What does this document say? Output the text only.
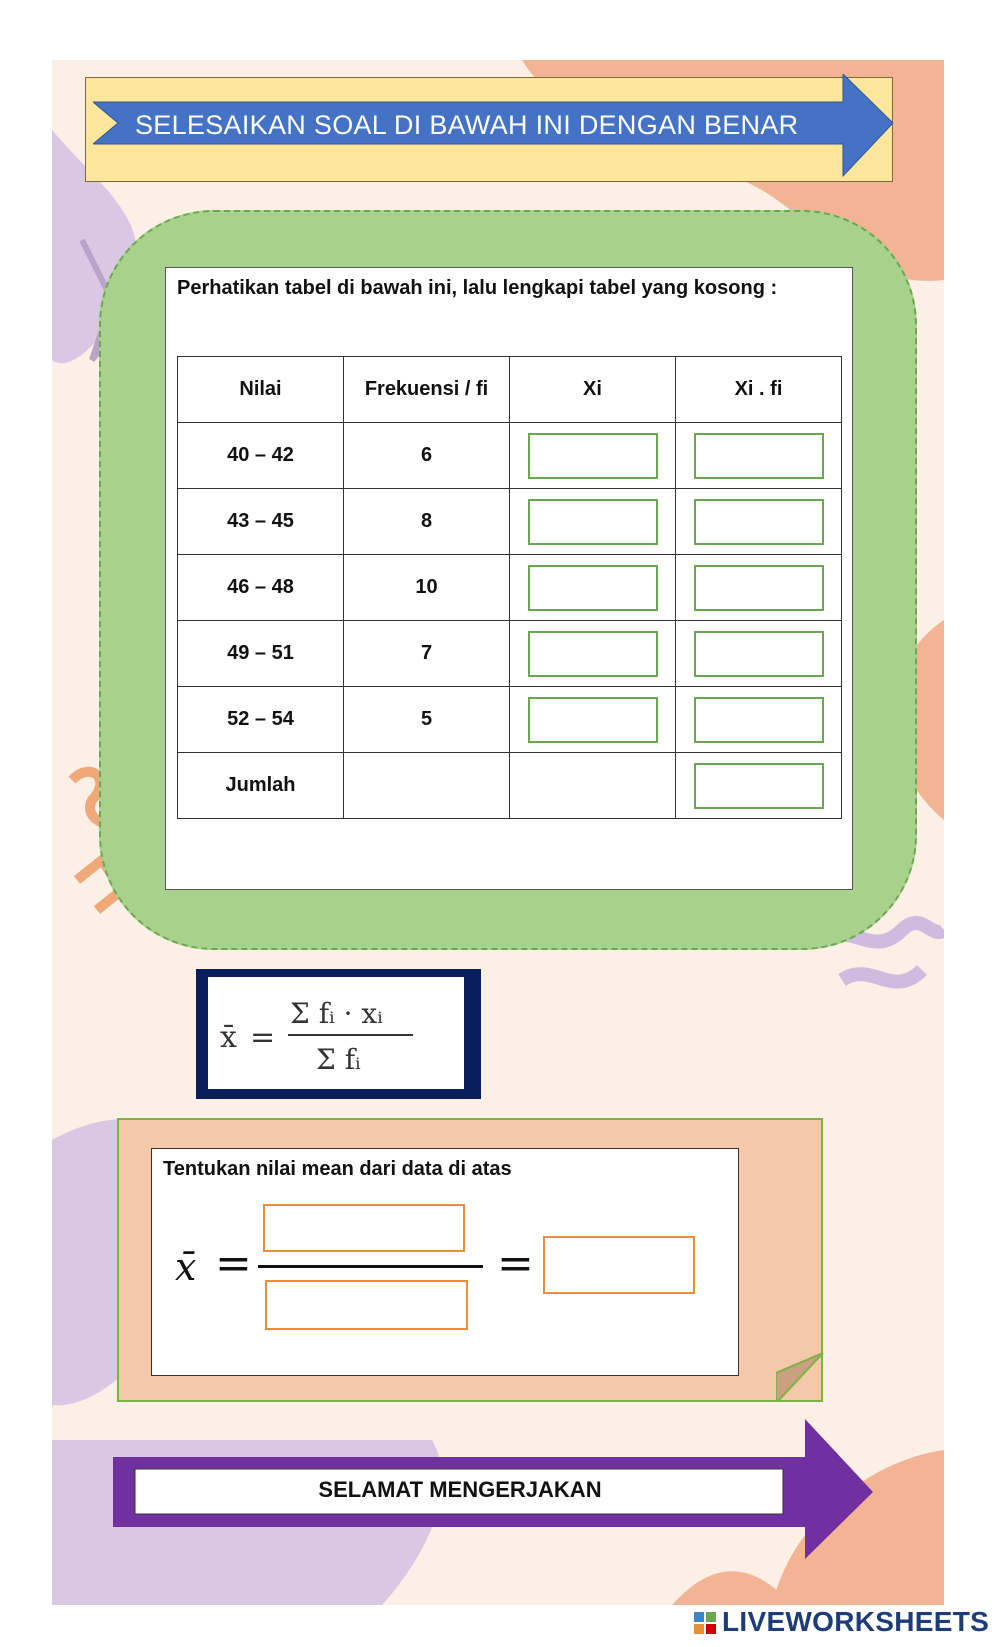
SELESAIKAN SOAL DI BAWAH INI DENGAN BENAR
Perhatikan tabel di bawah ini, lalu lengkapi tabel yang kosong :
Nilai	Frekuensi / fi	Xi	Xi . fi
40 – 42	6		
43 – 45	8		
46 – 48	10		
49 – 51	7		
52 – 54	5		
Jumlah			
x̄ =
Σ fᵢ · xᵢ
Σ fᵢ
Tentukan nilai mean dari data di atas
x̄ =	=
SELAMAT MENGERJAKAN
LIVEWORKSHEETS
